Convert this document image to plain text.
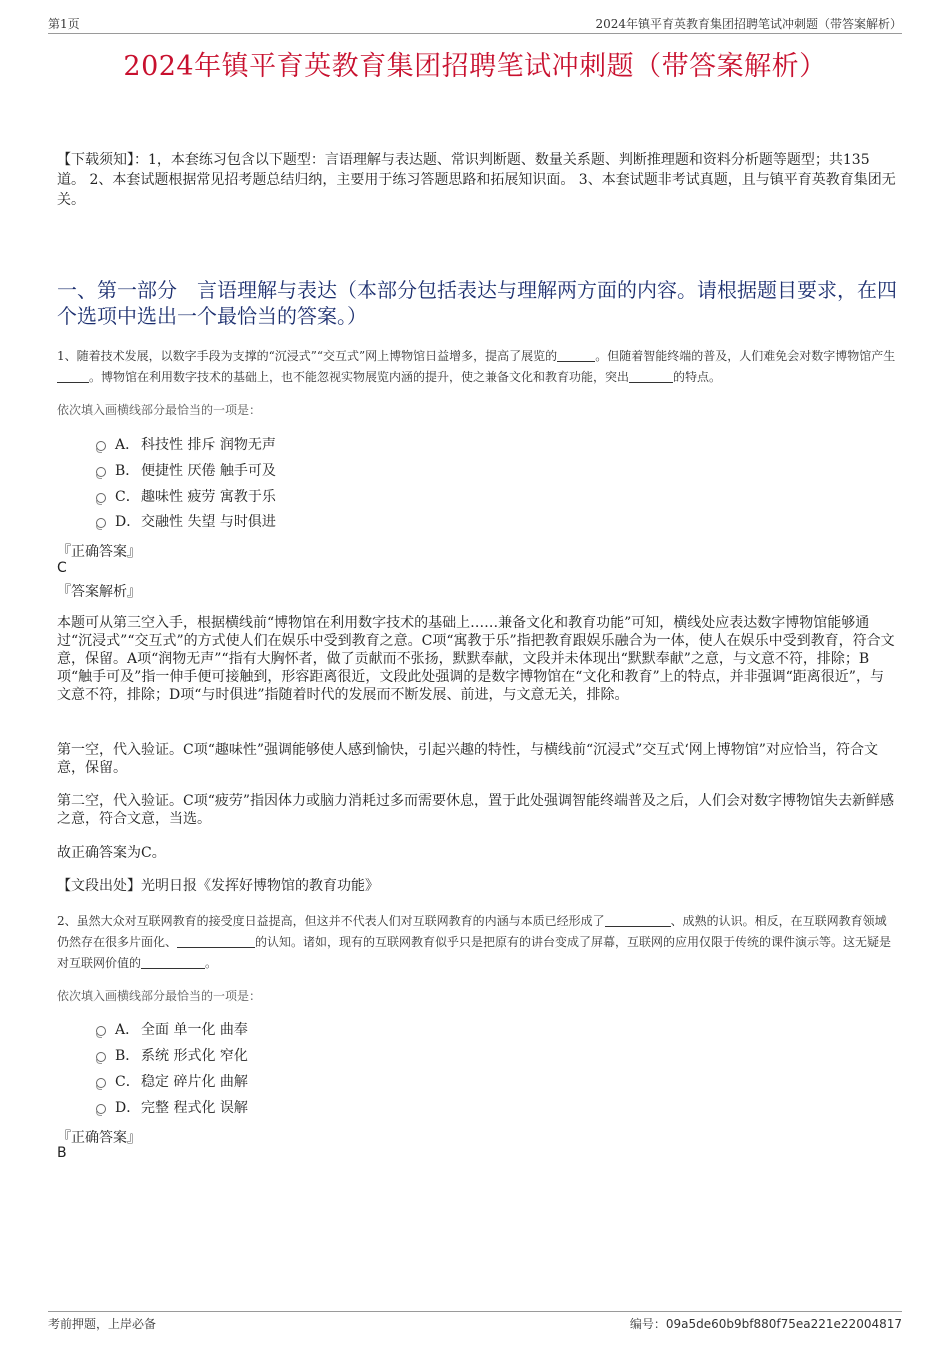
第1页	2024年镇平育英教育集团招聘笔试冲刺题（带答案解析）
2024年镇平育英教育集团招聘笔试冲刺题（带答案解析）
【下载须知】：1，本套练习包含以下题型：言语理解与表达题、常识判断题、数量关系题、判断推理题和资料分析题等题型；共135道。 2、本套试题根据常见招考题总结归纳，主要用于练习答题思路和拓展知识面。 3、本套试题非考试真题，且与镇平育英教育集团无关。
一、第一部分　言语理解与表达（本部分包括表达与理解两方面的内容。请根据题目要求，在四个选项中选出一个最恰当的答案。）
1、随着技术发展，以数字手段为支撑的“沉浸式”“交互式”网上博物馆日益增多，提高了展览的	。但随着智能终端的普及，人们难免会对数字博物馆产生。博物馆在利用数字技术的基础上，也不能忽视实物展览内涵的提升，使之兼备文化和教育功能，突出	的特点。
依次填入画横线部分最恰当的一项是：
A． 科技性 排斥 润物无声
B． 便捷性 厌倦 触手可及
C．趣味性 疲劳 寓教于乐
D．交融性 失望 与时俱进
『正确答案』
C
『答案解析』
本题可从第三空入手，根据横线前“博物馆在利用数字技术的基础上……兼备文化和教育功能”可知，横线处应表达数字博物馆能够通过“沉浸式”“交互式”的方式使人们在娱乐中受到教育之意。C项“寓教于乐”指把教育跟娱乐融合为一体，使人在娱乐中受到教育，符合文意，保留。A项“润物无声”“指有大胸怀者，做了贡献而不张扬，默默奉献，文段并未体现出“默默奉献”之意，与文意不符，排除；B项“触手可及”指一伸手便可接触到，形容距离很近，文段此处强调的是数字博物馆在“文化和教育”上的特点，并非强调“距离很近”，与文意不符，排除；D项“与时俱进”指随着时代的发展而不断发展、前进，与文意无关，排除。
第一空，代入验证。C项“趣味性”强调能够使人感到愉快，引起兴趣的特性，与横线前“沉浸式”交互式‘网上博物馆”对应恰当，符合文意，保留。
第二空，代入验证。C项“疲劳”指因体力或脑力消耗过多而需要休息，置于此处强调智能终端普及之后，人们会对数字博物馆失去新鲜感之意，符合文意，当选。
故正确答案为C。
【文段出处】光明日报《发挥好博物馆的教育功能》
2、虽然大众对互联网教育的接受度日益提高，但这并不代表人们对互联网教育的内涵与本质已经形成了	、成熟的认识。相反，在互联网教育领域仍然存在很多片面化、	的认知。诸如，现有的互联网教育似乎只是把原有的讲台变成了屏幕，互联网的应用仅限于传统的课件演示等。这无疑是对互联网价值的	。
依次填入画横线部分最恰当的一项是：
A． 全面 单一化 曲奉
B． 系统 形式化 窄化
C．稳定 碎片化 曲解
D．完整 程式化 误解
『正确答案』
B
考前押题，上岸必备	编号：09a5de60b9bf880f75ea221e22004817
